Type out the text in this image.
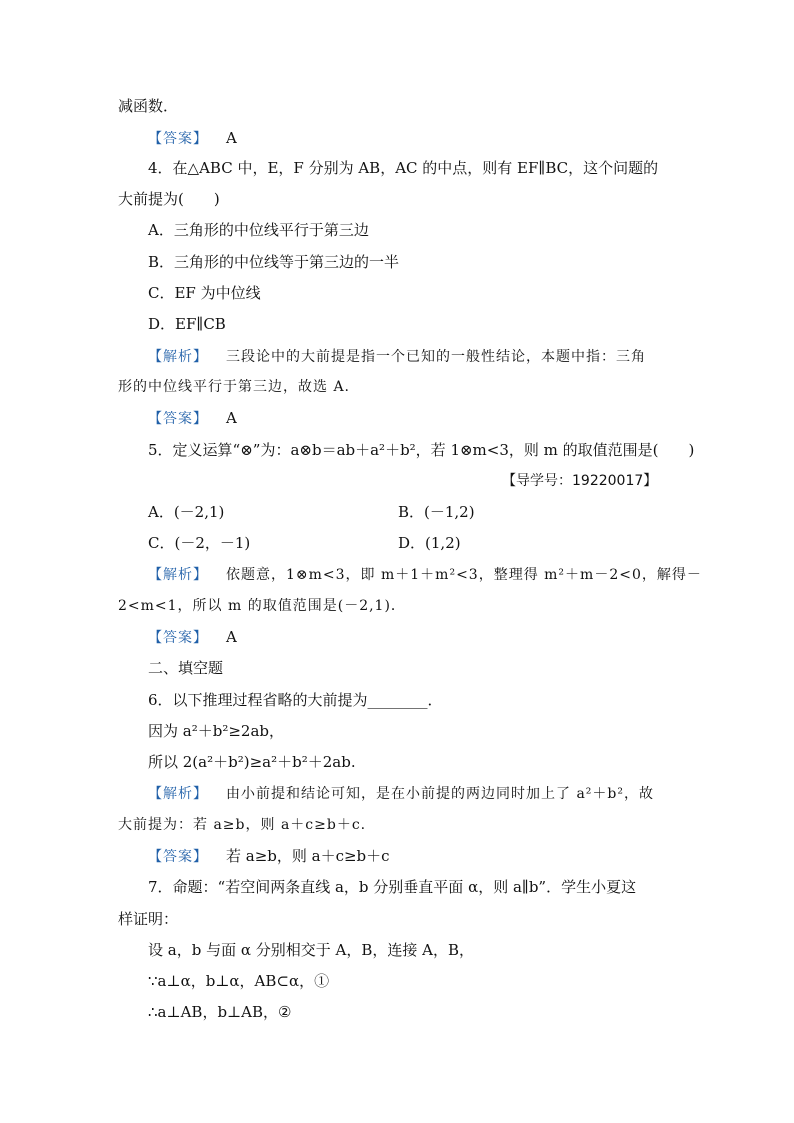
减函数．
【答案】 A
4．在△ABC 中，E，F 分别为 AB，AC 的中点，则有 EF∥BC，这个问题的
大前提为(　　)
A．三角形的中位线平行于第三边
B．三角形的中位线等于第三边的一半
C．EF 为中位线
D．EF∥CB
【解析】 三段论中的大前提是指一个已知的一般性结论，本题中指：三角
形的中位线平行于第三边，故选 A.
【答案】 A
5．定义运算“⊗”为：a⊗b＝ab＋a²＋b²，若 1⊗m<3，则 m 的取值范围是(　　)
【导学号：19220017】
A．(－2,1)	B．(－1,2)
C．(－2，－1)	D．(1,2)
【解析】 依题意，1⊗m<3，即 m＋1＋m²<3，整理得 m²＋m－2<0，解得－
2<m<1，所以 m 的取值范围是(－2,1)．
【答案】 A
二、填空题
6．以下推理过程省略的大前提为________．
因为 a²＋b²≥2ab，
所以 2(a²＋b²)≥a²＋b²＋2ab.
【解析】 由小前提和结论可知，是在小前提的两边同时加上了 a²＋b²，故
大前提为：若 a≥b，则 a＋c≥b＋c.
【答案】 若 a≥b，则 a＋c≥b＋c
7．命题：“若空间两条直线 a，b 分别垂直平面 α，则 a∥b”．学生小夏这
样证明：
设 a，b 与面 α 分别相交于 A，B，连接 A，B，
∵a⊥α，b⊥α，AB⊂α，①
∴a⊥AB，b⊥AB，②
